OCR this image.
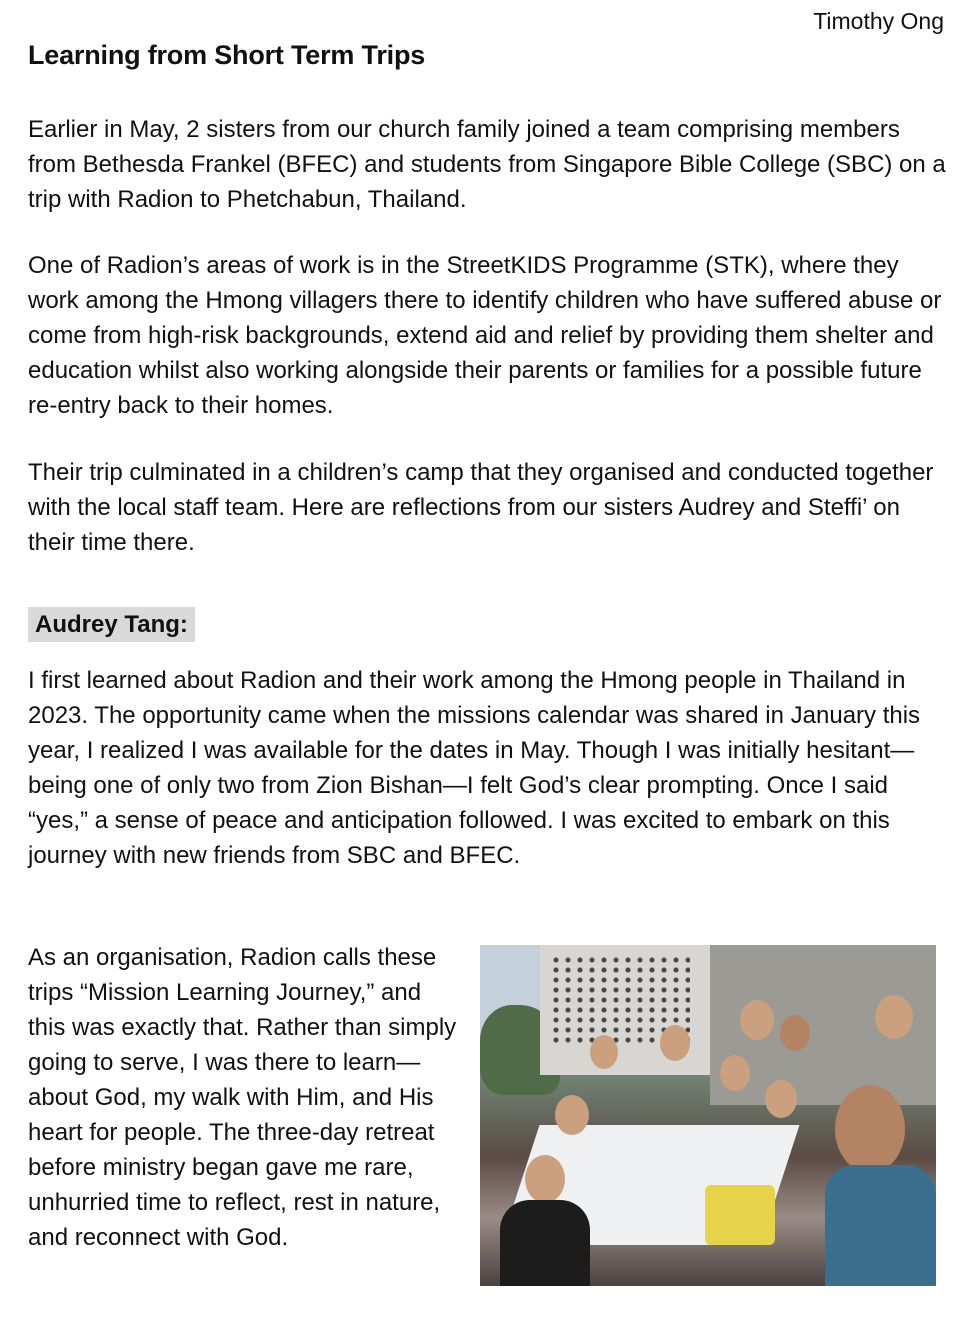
Timothy Ong
Learning from Short Term Trips

Earlier in May, 2 sisters from our church family joined a team comprising members from Bethesda Frankel (BFEC) and students from Singapore Bible College (SBC) on a trip with Radion to Phetchabun, Thailand.

One of Radion’s areas of work is in the StreetKIDS Programme (STK), where they work among the Hmong villagers there to identify children who have suffered abuse or come from high-risk backgrounds, extend aid and relief by providing them shelter and education whilst also working alongside their parents or families for a possible future re-entry back to their homes.

Their trip culminated in a children’s camp that they organised and conducted together with the local staff team. Here are reflections from our sisters Audrey and Steffi’ on their time there.

Audrey Tang:

I first learned about Radion and their work among the Hmong people in Thailand in 2023. The opportunity came when the missions calendar was shared in January this year, I realized I was available for the dates in May. Though I was initially hesitant—being one of only two from Zion Bishan—I felt God’s clear prompting. Once I said “yes,” a sense of peace and anticipation followed. I was excited to embark on this journey with new friends from SBC and BFEC.

As an organisation, Radion calls these trips “Mission Learning Journey,” and this was exactly that. Rather than simply going to serve, I was there to learn—about God, my walk with Him, and His heart for people. The three-day retreat before ministry began gave me rare, unhurried time to reflect, rest in nature, and reconnect with God.
